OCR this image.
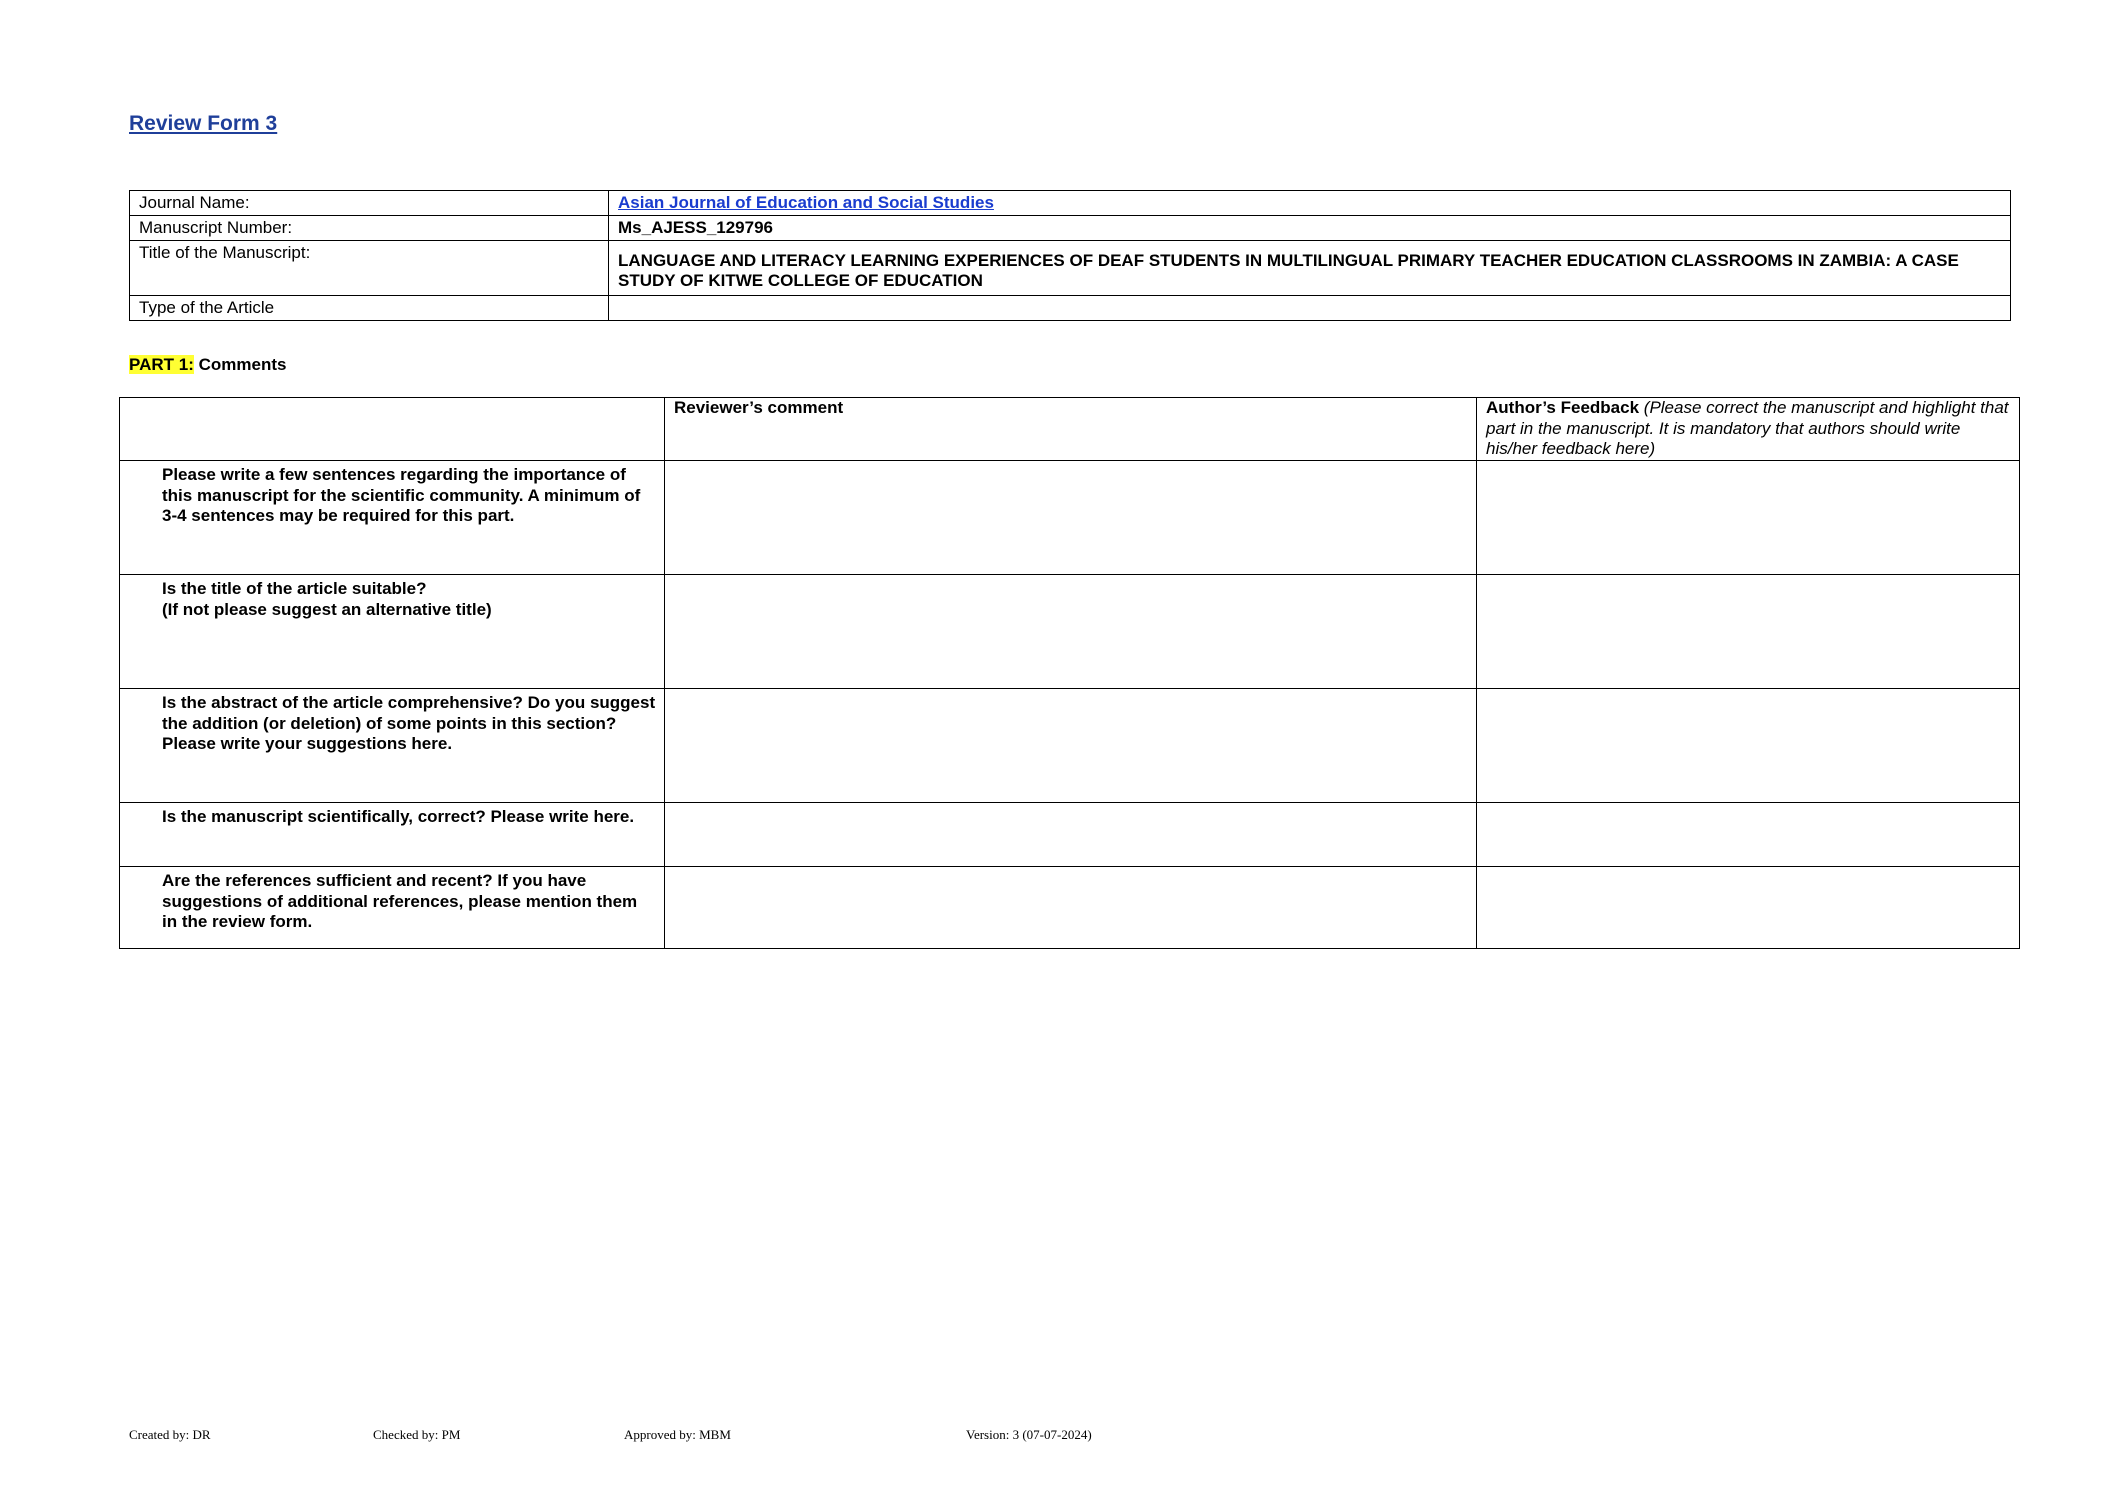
Review Form 3
Journal Name:	Asian Journal of Education and Social Studies
Manuscript Number:	Ms_AJESS_129796
Title of the Manuscript:	LANGUAGE AND LITERACY LEARNING EXPERIENCES OF DEAF STUDENTS IN MULTILINGUAL PRIMARY TEACHER EDUCATION CLASSROOMS IN ZAMBIA: A CASE STUDY OF KITWE COLLEGE OF EDUCATION
Type of the Article	
PART 1: Comments
	Reviewer’s comment	Author’s Feedback (Please correct the manuscript and highlight that part in the manuscript. It is mandatory that authors should write his/her feedback here)
Please write a few sentences regarding the importance of this manuscript for the scientific community. A minimum of 3-4 sentences may be required for this part.		
Is the title of the article suitable?
(If not please suggest an alternative title)		
Is the abstract of the article comprehensive? Do you suggest the addition (or deletion) of some points in this section? Please write your suggestions here.		
Is the manuscript scientifically, correct? Please write here.		
Are the references sufficient and recent? If you have suggestions of additional references, please mention them in the review form.		
Created by: DR	Checked by: PM	Approved by: MBM	Version: 3 (07-07-2024)
